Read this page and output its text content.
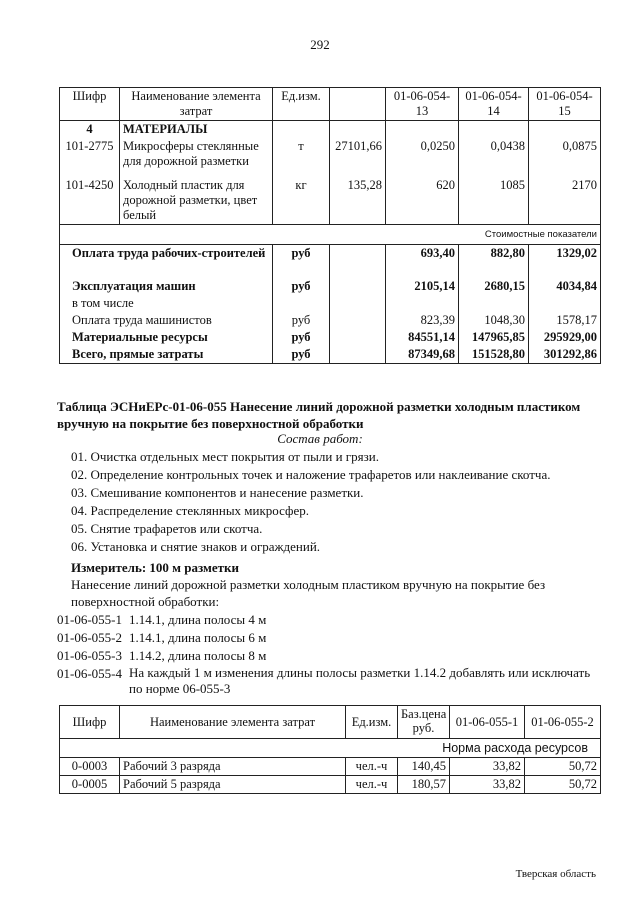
292
Шифр	Наименование элемента затрат	Ед.изм.		01-06-054-13	01-06-054-14	01-06-054-15
4	МАТЕРИАЛЫ					
101-2775	Микросферы стеклянные для дорожной разметки	т	27101,66	0,0250	0,0438	0,0875
101-4250	Холодный пластик для дорожной разметки, цвет белый	кг	135,28	620	1085	2170
Стоимостные показатели						
Оплата труда рабочих-строителей		руб		693,40	882,80	1329,02
Эксплуатация машин		руб		2105,14	2680,15	4034,84
в том числе						
Оплата труда машинистов		руб		823,39	1048,30	1578,17
Материальные ресурсы		руб		84551,14	147965,85	295929,00
Всего, прямые затраты		руб		87349,68	151528,80	301292,86
Таблица ЭСНиЕРс-01-06-055 Нанесение линий дорожной разметки холодным пластиком вручную на покрытие без поверхностной обработки
Состав работ:
01. Очистка отдельных мест покрытия от пыли и грязи.
02. Определение контрольных точек и наложение трафаретов или наклеивание скотча.
03. Смешивание компонентов и нанесение разметки.
04. Распределение стеклянных микросфер.
05. Снятие трафаретов или скотча.
06. Установка и снятие знаков и ограждений.
Измеритель: 100 м разметки
Нанесение линий дорожной разметки холодным пластиком вручную на покрытие без поверхностной обработки:
01-06-055-1 1.14.1, длина полосы 4 м
01-06-055-2 1.14.1, длина полосы 6 м
01-06-055-3 1.14.2, длина полосы 8 м
01-06-055-4 На каждый 1 м изменения длины полосы разметки 1.14.2 добавлять или исключать по норме 06-055-3
Шифр	Наименование элемента затрат	Ед.изм.	Баз.цена руб.	01-06-055-1	01-06-055-2
Норма расхода ресурсов					
0-0003	Рабочий 3 разряда	чел.-ч	140,45	33,82	50,72
0-0005	Рабочий 5 разряда	чел.-ч	180,57	33,82	50,72
Тверская область
